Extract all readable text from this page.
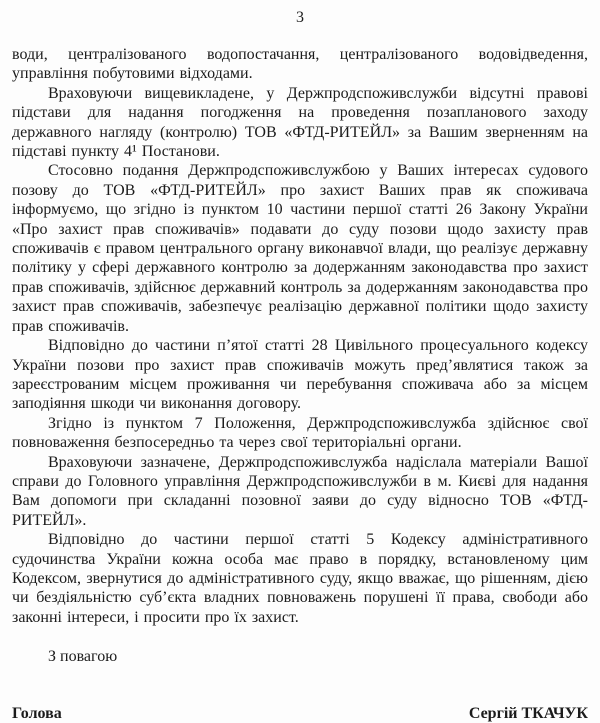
3

води, централізованого водопостачання, централізованого водовідведення, управління побутовими відходами.

Враховуючи вищевикладене, у Держпродспоживслужби відсутні правові підстави для надання погодження на проведення позапланового заходу державного нагляду (контролю) ТОВ «ФТД-РИТЕЙЛ» за Вашим зверненням на підставі пункту 4¹ Постанови.

Стосовно подання Держпродспоживслужбою у Ваших інтересах судового позову до ТОВ «ФТД-РИТЕЙЛ» про захист Ваших прав як споживача інформуємо, що згідно із пунктом 10 частини першої статті 26 Закону України «Про захист прав споживачів» подавати до суду позови щодо захисту прав споживачів є правом центрального органу виконавчої влади, що реалізує державну політику у сфері державного контролю за додержанням законодавства про захист прав споживачів, здійснює державний контроль за додержанням законодавства про захист прав споживачів, забезпечує реалізацію державної політики щодо захисту прав споживачів.

Відповідно до частини п’ятої статті 28 Цивільного процесуального кодексу України позови про захист прав споживачів можуть пред’являтися також за зареєстрованим місцем проживання чи перебування споживача або за місцем заподіяння шкоди чи виконання договору.

Згідно із пунктом 7 Положення, Держпродспоживслужба здійснює свої повноваження безпосередньо та через свої територіальні органи.

Враховуючи зазначене, Держпродспоживслужба надіслала матеріали Вашої справи до Головного управління Держпродспоживслужби в м. Києві для надання Вам допомоги при складанні позовної заяви до суду відносно ТОВ «ФТД-РИТЕЙЛ».

Відповідно до частини першої статті 5 Кодексу адміністративного судочинства України кожна особа має право в порядку, встановленому цим Кодексом, звернутися до адміністративного суду, якщо вважає, що рішенням, дією чи бездіяльністю суб’єкта владних повноважень порушені її права, свободи або законні інтереси, і просити про їх захист.

З повагою

Голова	Сергій ТКАЧУК
